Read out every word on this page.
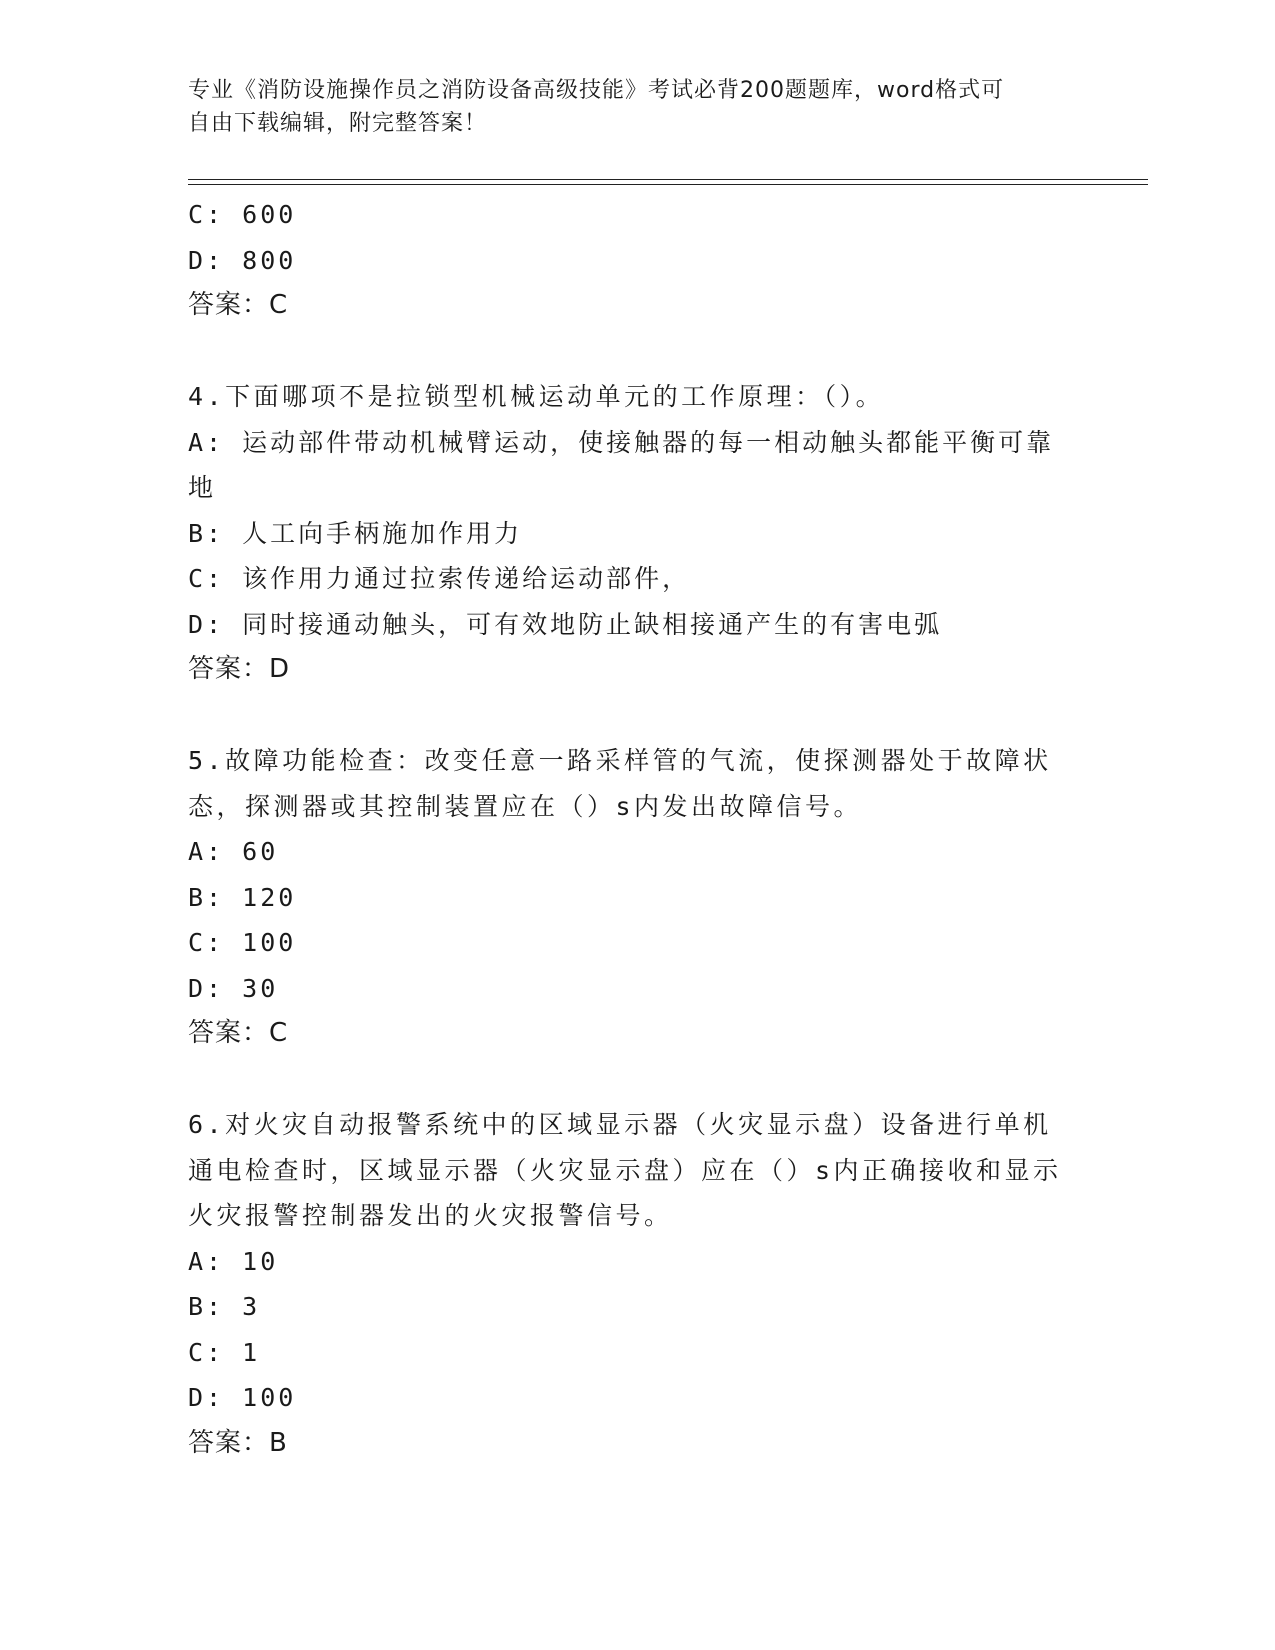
专业《消防设施操作员之消防设备高级技能》考试必背200题题库，word格式可
自由下载编辑，附完整答案！
C: 600
D: 800
答案：C
4.下面哪项不是拉锁型机械运动单元的工作原理：（）。
A: 运动部件带动机械臂运动，使接触器的每一相动触头都能平衡可靠
地
B: 人工向手柄施加作用力
C: 该作用力通过拉索传递给运动部件，
D: 同时接通动触头，可有效地防止缺相接通产生的有害电弧
答案：D
5.故障功能检查：改变任意一路采样管的气流，使探测器处于故障状
态，探测器或其控制装置应在（）s内发出故障信号。
A: 60
B: 120
C: 100
D: 30
答案：C
6.对火灾自动报警系统中的区域显示器（火灾显示盘）设备进行单机
通电检查时，区域显示器（火灾显示盘）应在（）s内正确接收和显示
火灾报警控制器发出的火灾报警信号。
A: 10
B: 3
C: 1
D: 100
答案：B
